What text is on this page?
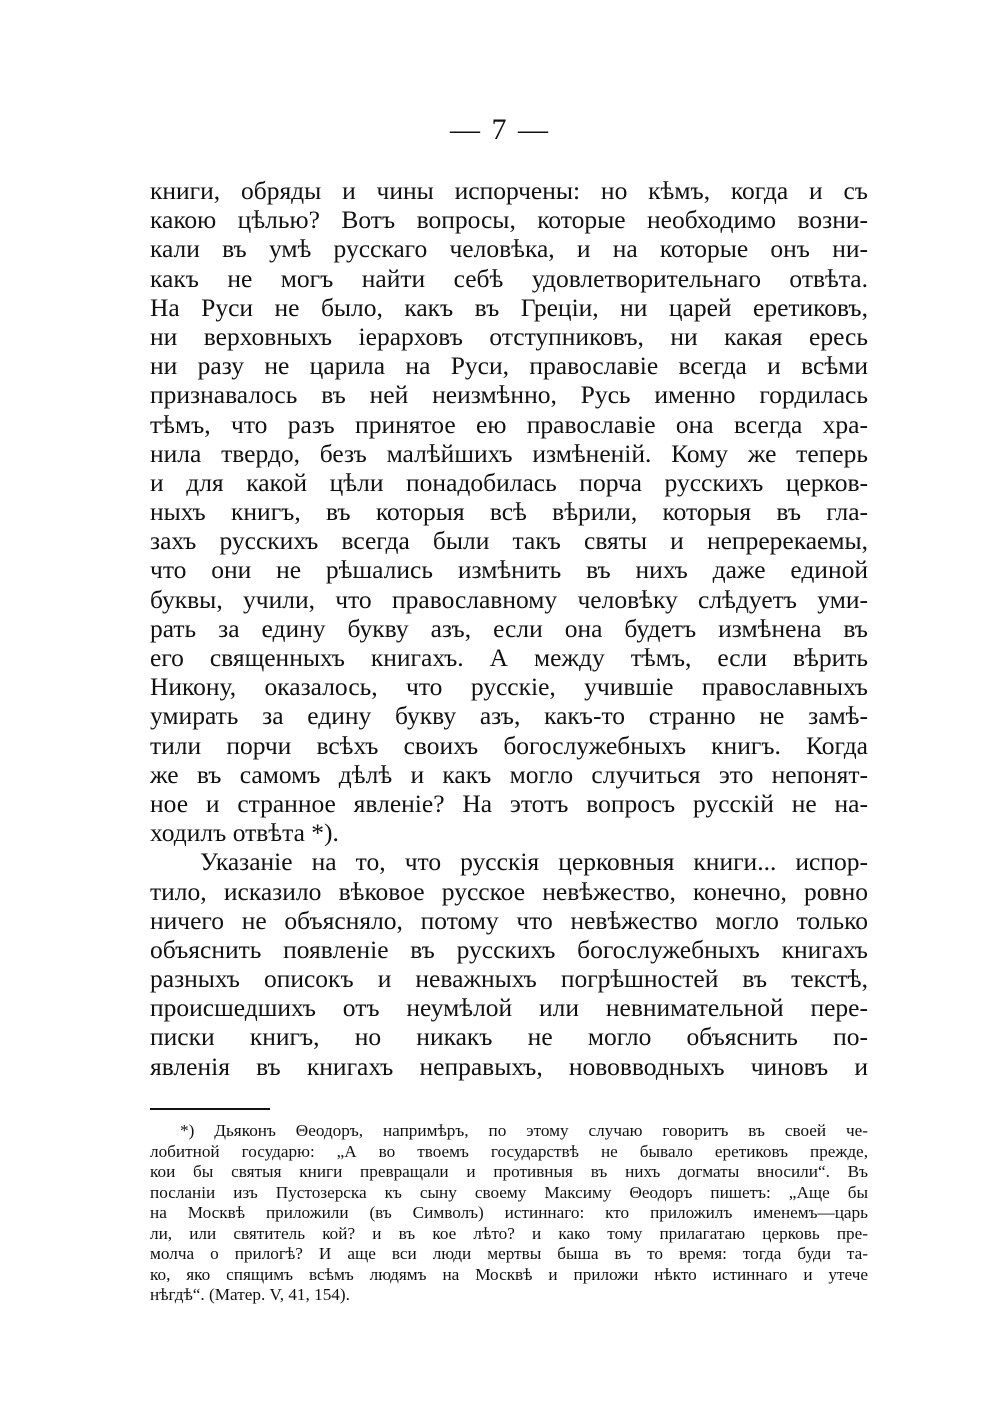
— 7 —
книги, обряды и чины испорчены: но кѣмъ, когда и съ
какою цѣлью? Вотъ вопросы, которые необходимо возни-
кали въ умѣ русскаго человѣка, и на которые онъ ни-
какъ не могъ найти себѣ удовлетворительнаго отвѣта.
На Руси не было, какъ въ Греціи, ни царей еретиковъ,
ни верховныхъ іерарховъ отступниковъ, ни какая ересь
ни разу не царила на Руси, православіе всегда и всѣми
признавалось въ ней неизмѣнно, Русь именно гордилась
тѣмъ, что разъ принятое ею православіе она всегда хра-
нила твердо, безъ малѣйшихъ измѣненій. Кому же теперь
и для какой цѣли понадобилась порча русскихъ церков-
ныхъ книгъ, въ которыя всѣ вѣрили, которыя въ гла-
захъ русскихъ всегда были такъ святы и непререкаемы,
что они не рѣшались измѣнить въ нихъ даже единой
буквы, учили, что православному человѣку слѣдуетъ уми-
рать за едину букву азъ, если она будетъ измѣнена въ
его священныхъ книгахъ. А между тѣмъ, если вѣрить
Никону, оказалось, что русскіе, учившіе православныхъ
умирать за едину букву азъ, какъ-то странно не замѣ-
тили порчи всѣхъ своихъ богослужебныхъ книгъ. Когда
же въ самомъ дѣлѣ и какъ могло случиться это непонят-
ное и странное явленіе? На этотъ вопросъ русскій не на-
ходилъ отвѣта *).
Указаніе на то, что русскія церковныя книги... испор-
тило, исказило вѣковое русское невѣжество, конечно, ровно
ничего не объясняло, потому что невѣжество могло только
объяснить появленіе въ русскихъ богослужебныхъ книгахъ
разныхъ описокъ и неважныхъ погрѣшностей въ текстѣ,
происшедшихъ отъ неумѣлой или невнимательной пере-
писки книгъ, но никакъ не могло объяснить по-
явленія въ книгахъ неправыхъ, нововводныхъ чиновъ и
*) Дьяконъ Θеодоръ, напримѣръ, по этому случаю говоритъ въ своей че-
лобитной государю: „А во твоемъ государствѣ не бывало еретиковъ прежде,
кои бы святыя книги превращали и противныя въ нихъ догматы вносили“. Въ
посланіи изъ Пустозерска къ сыну своему Максиму Θеодоръ пишетъ: „Аще бы
на Москвѣ приложили (въ Символъ) истиннаго: кто приложилъ именемъ—царь
ли, или святитель кой? и въ кое лѣто? и како тому прилагатаю церковь пре-
молча о прилогѣ? И аще вси люди мертвы быша въ то время: тогда буди та-
ко, яко спящимъ всѣмъ людямъ на Москвѣ и приложи нѣкто истиннаго и утече
нѣгдѣ“. (Матер. V, 41, 154).
